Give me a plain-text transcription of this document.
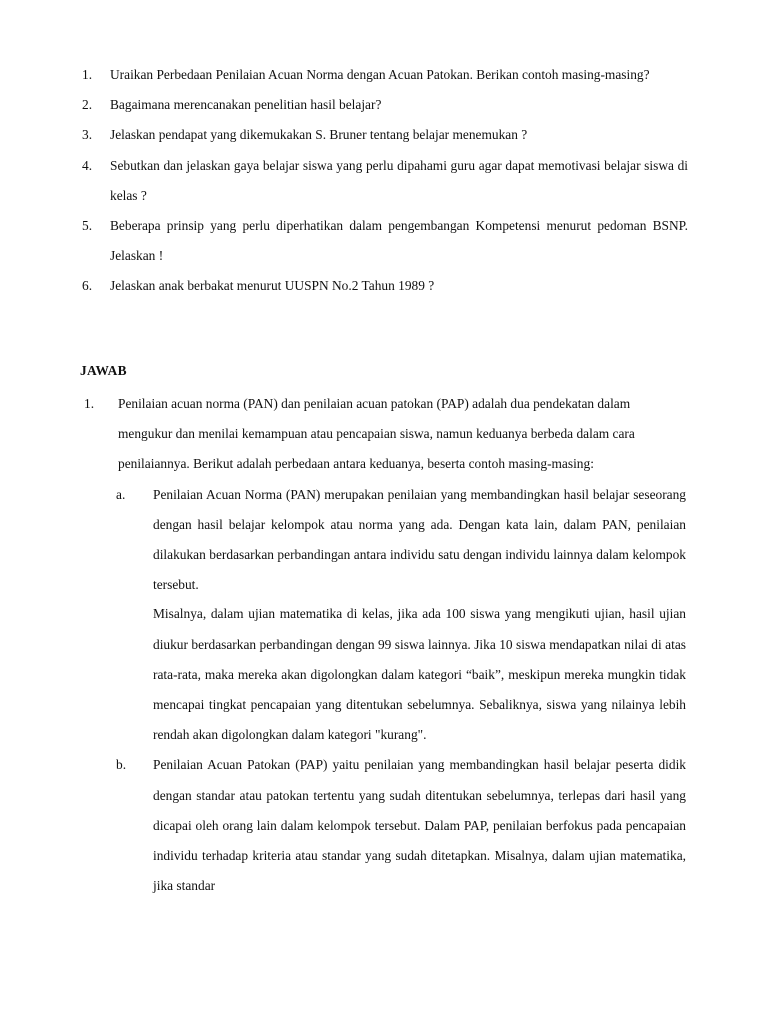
1.	Uraikan Perbedaan Penilaian Acuan Norma dengan Acuan Patokan. Berikan contoh masing-masing?
2.	Bagaimana merencanakan penelitian hasil belajar?
3.	Jelaskan pendapat yang dikemukakan S. Bruner tentang belajar menemukan ?
4.	Sebutkan dan jelaskan gaya belajar siswa yang perlu dipahami guru agar dapat memotivasi belajar siswa di kelas ?
5.	Beberapa prinsip yang perlu diperhatikan dalam pengembangan Kompetensi menurut pedoman BSNP. Jelaskan !
6.	Jelaskan anak berbakat menurut UUSPN No.2 Tahun 1989 ?
JAWAB
1.	Penilaian acuan norma (PAN) dan penilaian acuan patokan (PAP) adalah dua pendekatan dalam mengukur dan menilai kemampuan atau pencapaian siswa, namun keduanya berbeda dalam cara penilaiannya. Berikut adalah perbedaan antara keduanya, beserta contoh masing-masing:
a.	Penilaian Acuan Norma (PAN) merupakan penilaian yang membandingkan hasil belajar seseorang dengan hasil belajar kelompok atau norma yang ada. Dengan kata lain, dalam PAN, penilaian dilakukan berdasarkan perbandingan antara individu satu dengan individu lainnya dalam kelompok tersebut.

Misalnya, dalam ujian matematika di kelas, jika ada 100 siswa yang mengikuti ujian, hasil ujian diukur berdasarkan perbandingan dengan 99 siswa lainnya. Jika 10 siswa mendapatkan nilai di atas rata-rata, maka mereka akan digolongkan dalam kategori “baik”, meskipun mereka mungkin tidak mencapai tingkat pencapaian yang ditentukan sebelumnya. Sebaliknya, siswa yang nilainya lebih rendah akan digolongkan dalam kategori "kurang".

b.	Penilaian Acuan Patokan (PAP) yaitu penilaian yang membandingkan hasil belajar peserta didik dengan standar atau patokan tertentu yang sudah ditentukan sebelumnya, terlepas dari hasil yang dicapai oleh orang lain dalam kelompok tersebut. Dalam PAP, penilaian berfokus pada pencapaian individu terhadap kriteria atau standar yang sudah ditetapkan. Misalnya, dalam ujian matematika, jika standar
